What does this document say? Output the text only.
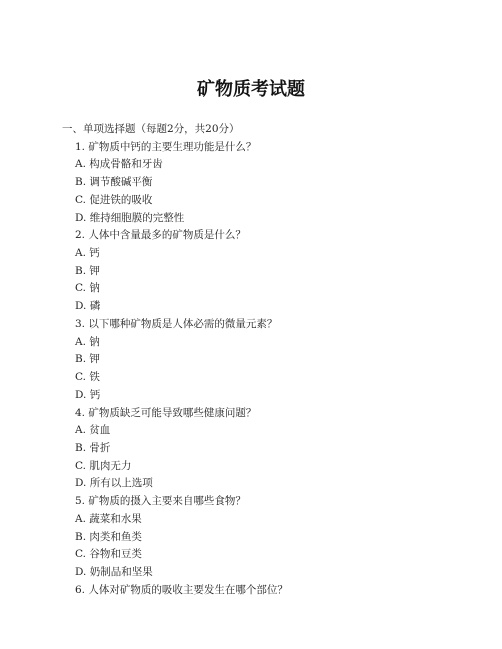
矿物质考试题
一、单项选择题（每题2分，共20分）
1. 矿物质中钙的主要生理功能是什么？
A. 构成骨骼和牙齿
B. 调节酸碱平衡
C. 促进铁的吸收
D. 维持细胞膜的完整性
2. 人体中含量最多的矿物质是什么？
A. 钙
B. 钾
C. 钠
D. 磷
3. 以下哪种矿物质是人体必需的微量元素？
A. 钠
B. 钾
C. 铁
D. 钙
4. 矿物质缺乏可能导致哪些健康问题？
A. 贫血
B. 骨折
C. 肌肉无力
D. 所有以上选项
5. 矿物质的摄入主要来自哪些食物？
A. 蔬菜和水果
B. 肉类和鱼类
C. 谷物和豆类
D. 奶制品和坚果
6. 人体对矿物质的吸收主要发生在哪个部位？
